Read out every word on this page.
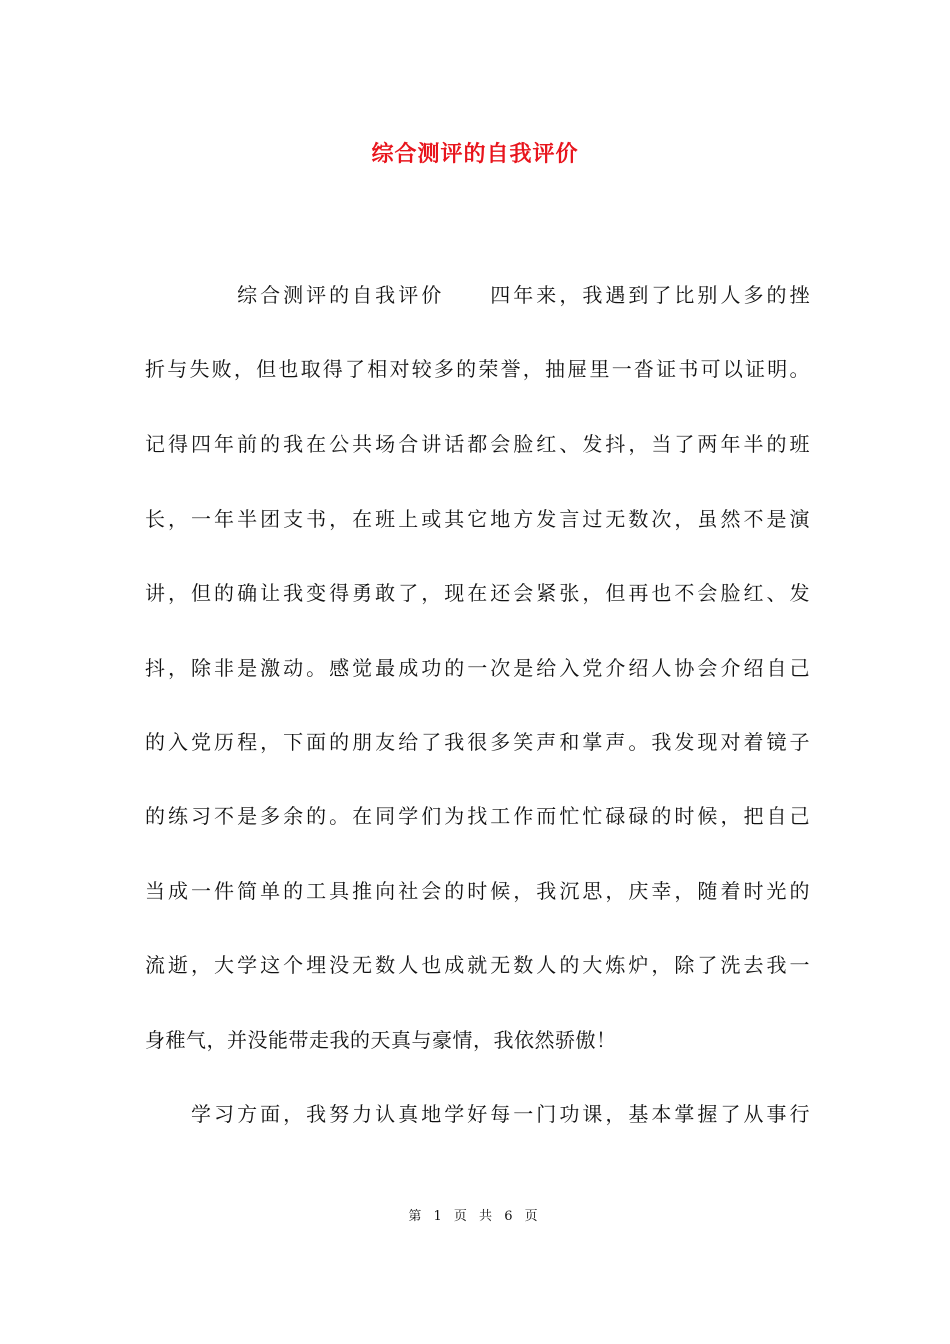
综合测评的自我评价
　　　　综合测评的自我评价　　四年来，我遇到了比别人多的挫
折与失败，但也取得了相对较多的荣誉，抽屉里一沓证书可以证明。
记得四年前的我在公共场合讲话都会脸红、发抖，当了两年半的班
长，一年半团支书，在班上或其它地方发言过无数次，虽然不是演
讲，但的确让我变得勇敢了，现在还会紧张，但再也不会脸红、发
抖，除非是激动。感觉最成功的一次是给入党介绍人协会介绍自己
的入党历程，下面的朋友给了我很多笑声和掌声。我发现对着镜子
的练习不是多余的。在同学们为找工作而忙忙碌碌的时候，把自己
当成一件简单的工具推向社会的时候，我沉思，庆幸，随着时光的
流逝，大学这个埋没无数人也成就无数人的大炼炉，除了洗去我一
身稚气，并没能带走我的天真与豪情，我依然骄傲！
　　学习方面，我努力认真地学好每一门功课，基本掌握了从事行
第 1 页 共 6 页
